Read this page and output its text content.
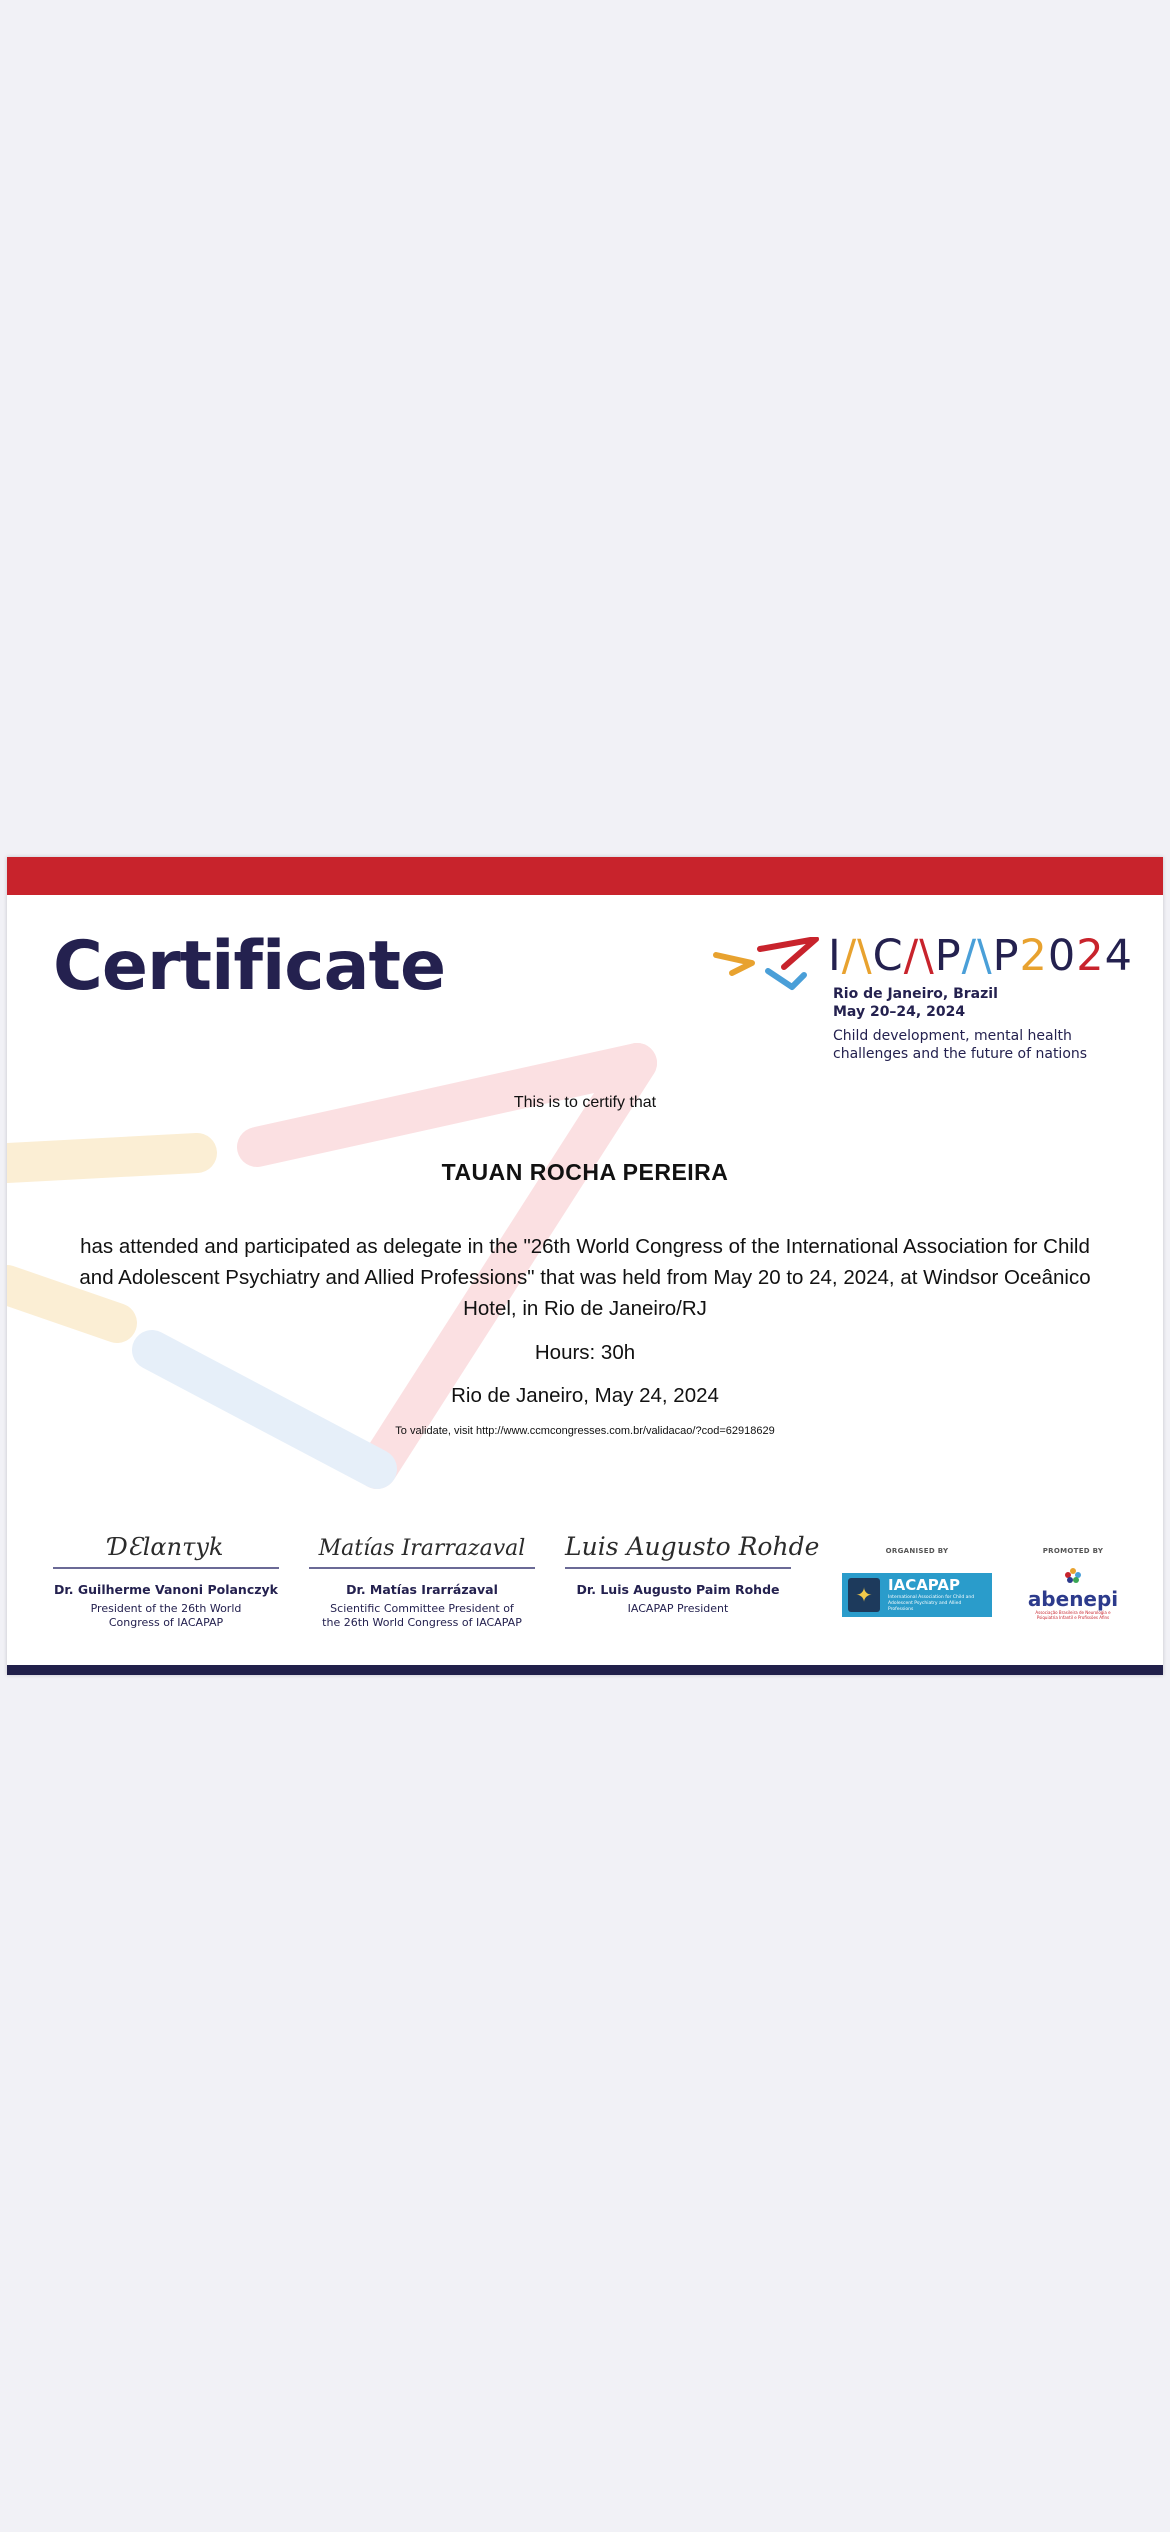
Certificate	I/\C/\P/\P2024
Rio de Janeiro, Brazil
May 20–24, 2024
Child development, mental health
challenges and the future of nations
This is to certify that
TAUAN ROCHA PEREIRA
has attended and participated as delegate in the "26th World Congress of the International Association for Child and Adolescent Psychiatry and Allied Professions" that was held from May 20 to 24, 2024, at Windsor Oceânico Hotel, in Rio de Janeiro/RJ
Hours: 30h
Rio de Janeiro, May 24, 2024
To validate, visit http://www.ccmcongresses.com.br/validacao/?cod=62918629
ƊƐlαnτyk
Dr. Guilherme Vanoni Polanczyk
President of the 26th World
Congress of IACAPAP
Matías Irarrazaval
Dr. Matías Irarrázaval
Scientific Committee President of
the 26th World Congress of IACAPAP
Luis Augusto Rohde
Dr. Luis Augusto Paim Rohde
IACAPAP President
ORGANISED BY
✦	IACAPAP
International Association for Child and Adolescent Psychiatry and Allied Professions
PROMOTED BY
abenepi
Associação Brasileira de Neurologia e Psiquiatria Infantil e Profissões Afins
